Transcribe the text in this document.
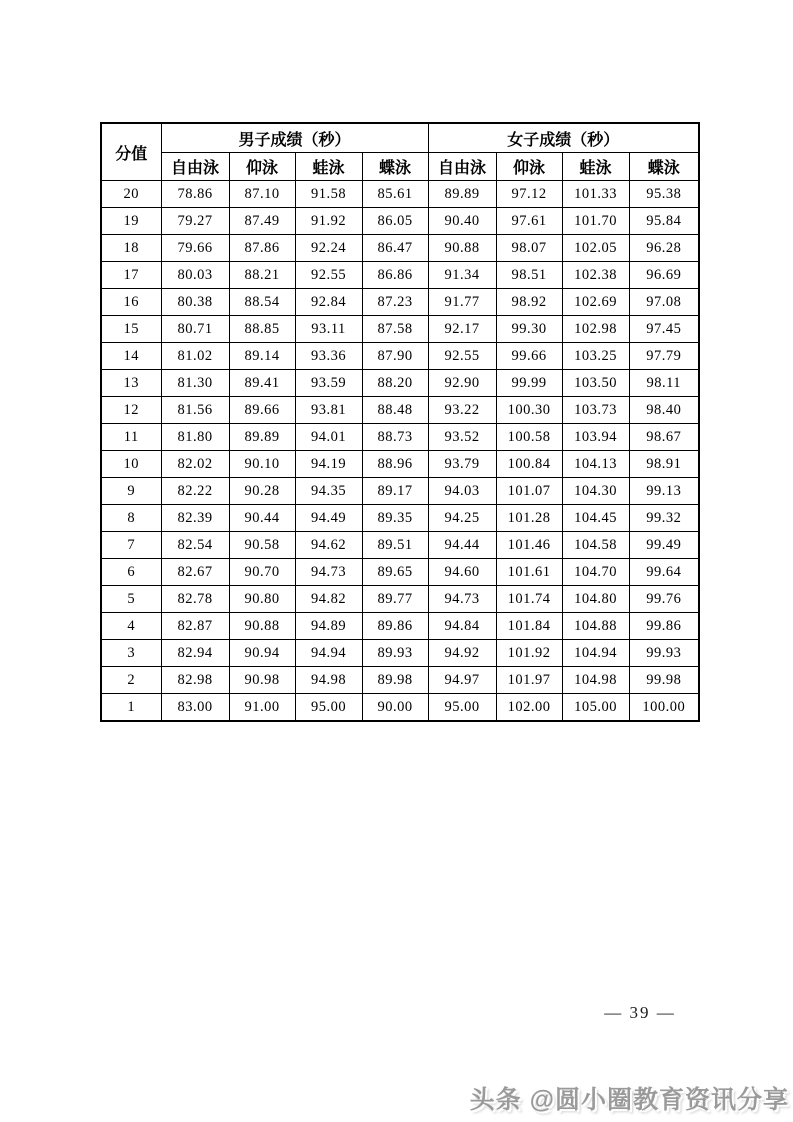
分值	男子成绩（秒）				女子成绩（秒）			
	自由泳	仰泳	蛙泳	蝶泳	自由泳	仰泳	蛙泳	蝶泳
20	78.86	87.10	91.58	85.61	89.89	97.12	101.33	95.38
19	79.27	87.49	91.92	86.05	90.40	97.61	101.70	95.84
18	79.66	87.86	92.24	86.47	90.88	98.07	102.05	96.28
17	80.03	88.21	92.55	86.86	91.34	98.51	102.38	96.69
16	80.38	88.54	92.84	87.23	91.77	98.92	102.69	97.08
15	80.71	88.85	93.11	87.58	92.17	99.30	102.98	97.45
14	81.02	89.14	93.36	87.90	92.55	99.66	103.25	97.79
13	81.30	89.41	93.59	88.20	92.90	99.99	103.50	98.11
12	81.56	89.66	93.81	88.48	93.22	100.30	103.73	98.40
11	81.80	89.89	94.01	88.73	93.52	100.58	103.94	98.67
10	82.02	90.10	94.19	88.96	93.79	100.84	104.13	98.91
9	82.22	90.28	94.35	89.17	94.03	101.07	104.30	99.13
8	82.39	90.44	94.49	89.35	94.25	101.28	104.45	99.32
7	82.54	90.58	94.62	89.51	94.44	101.46	104.58	99.49
6	82.67	90.70	94.73	89.65	94.60	101.61	104.70	99.64
5	82.78	90.80	94.82	89.77	94.73	101.74	104.80	99.76
4	82.87	90.88	94.89	89.86	94.84	101.84	104.88	99.86
3	82.94	90.94	94.94	89.93	94.92	101.92	104.94	99.93
2	82.98	90.98	94.98	89.98	94.97	101.97	104.98	99.98
1	83.00	91.00	95.00	90.00	95.00	102.00	105.00	100.00
— 39 —
头条 @圆小圈教育资讯分享
